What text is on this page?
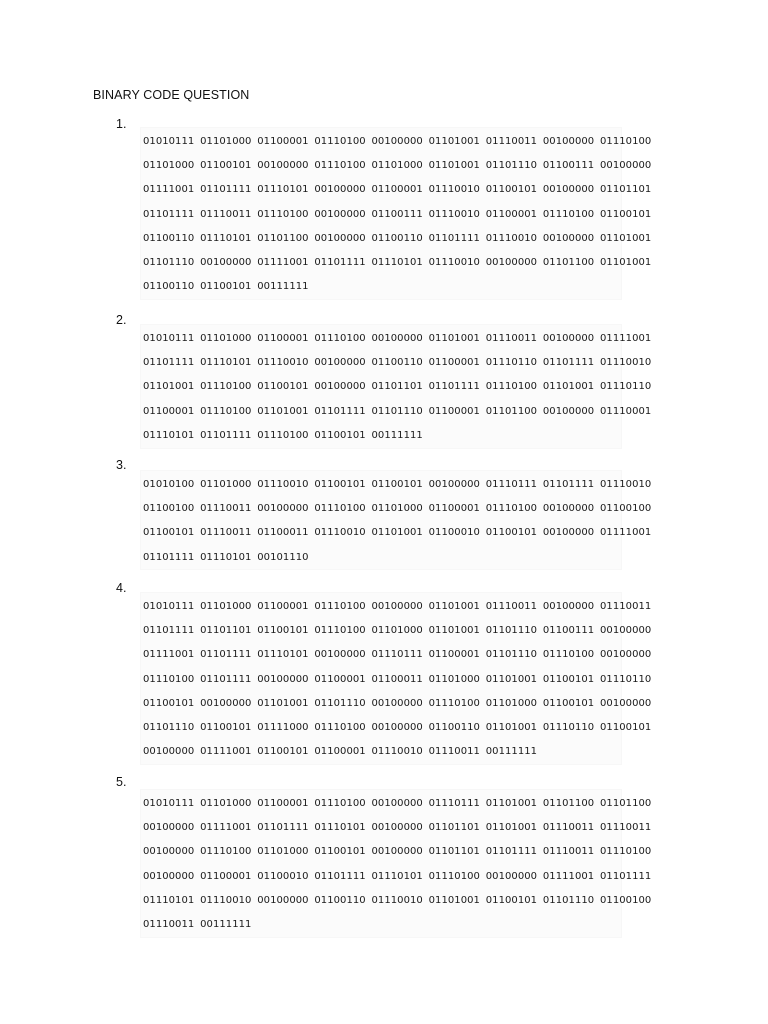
BINARY CODE QUESTION
1.
01010111 01101000 01100001 01110100 00100000 01101001 01110011 00100000 01110100
01101000 01100101 00100000 01110100 01101000 01101001 01101110 01100111 00100000
01111001 01101111 01110101 00100000 01100001 01110010 01100101 00100000 01101101
01101111 01110011 01110100 00100000 01100111 01110010 01100001 01110100 01100101
01100110 01110101 01101100 00100000 01100110 01101111 01110010 00100000 01101001
01101110 00100000 01111001 01101111 01110101 01110010 00100000 01101100 01101001
01100110 01100101 00111111
2.
01010111 01101000 01100001 01110100 00100000 01101001 01110011 00100000 01111001
01101111 01110101 01110010 00100000 01100110 01100001 01110110 01101111 01110010
01101001 01110100 01100101 00100000 01101101 01101111 01110100 01101001 01110110
01100001 01110100 01101001 01101111 01101110 01100001 01101100 00100000 01110001
01110101 01101111 01110100 01100101 00111111
3.
01010100 01101000 01110010 01100101 01100101 00100000 01110111 01101111 01110010
01100100 01110011 00100000 01110100 01101000 01100001 01110100 00100000 01100100
01100101 01110011 01100011 01110010 01101001 01100010 01100101 00100000 01111001
01101111 01110101 00101110
4.
01010111 01101000 01100001 01110100 00100000 01101001 01110011 00100000 01110011
01101111 01101101 01100101 01110100 01101000 01101001 01101110 01100111 00100000
01111001 01101111 01110101 00100000 01110111 01100001 01101110 01110100 00100000
01110100 01101111 00100000 01100001 01100011 01101000 01101001 01100101 01110110
01100101 00100000 01101001 01101110 00100000 01110100 01101000 01100101 00100000
01101110 01100101 01111000 01110100 00100000 01100110 01101001 01110110 01100101
00100000 01111001 01100101 01100001 01110010 01110011 00111111
5.
01010111 01101000 01100001 01110100 00100000 01110111 01101001 01101100 01101100
00100000 01111001 01101111 01110101 00100000 01101101 01101001 01110011 01110011
00100000 01110100 01101000 01100101 00100000 01101101 01101111 01110011 01110100
00100000 01100001 01100010 01101111 01110101 01110100 00100000 01111001 01101111
01110101 01110010 00100000 01100110 01110010 01101001 01100101 01101110 01100100
01110011 00111111
